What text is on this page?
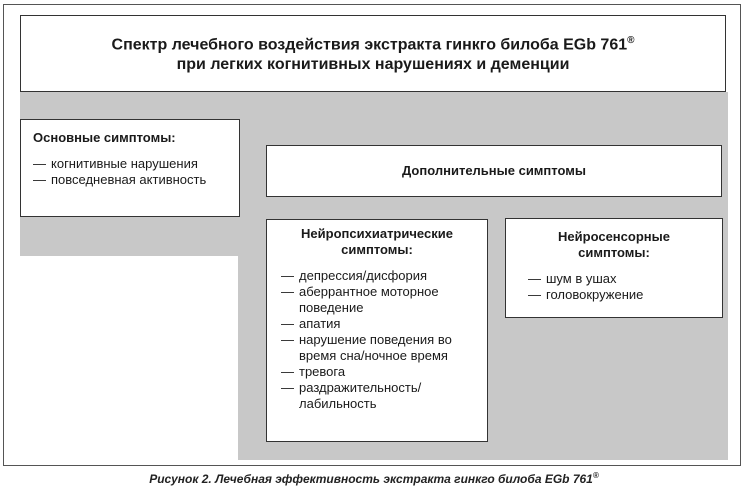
Спектр лечебного воздействия экстракта гинкго билоба EGb 761®
при легких когнитивных нарушениях и деменции
Основные симптомы:
— когнитивные нарушения
— повседневная активность
Дополнительные симптомы
Нейропсихиатрические
симптомы:
— депрессия/дисфория
— аберрантное моторное поведение
— апатия
— нарушение поведения во время сна/ночное время
— тревога
— раздражительность/ лабильность
Нейросенсорные
симптомы:
— шум в ушах
— головокружение
Рисунок 2. Лечебная эффективность экстракта гинкго билоба EGb 761®
